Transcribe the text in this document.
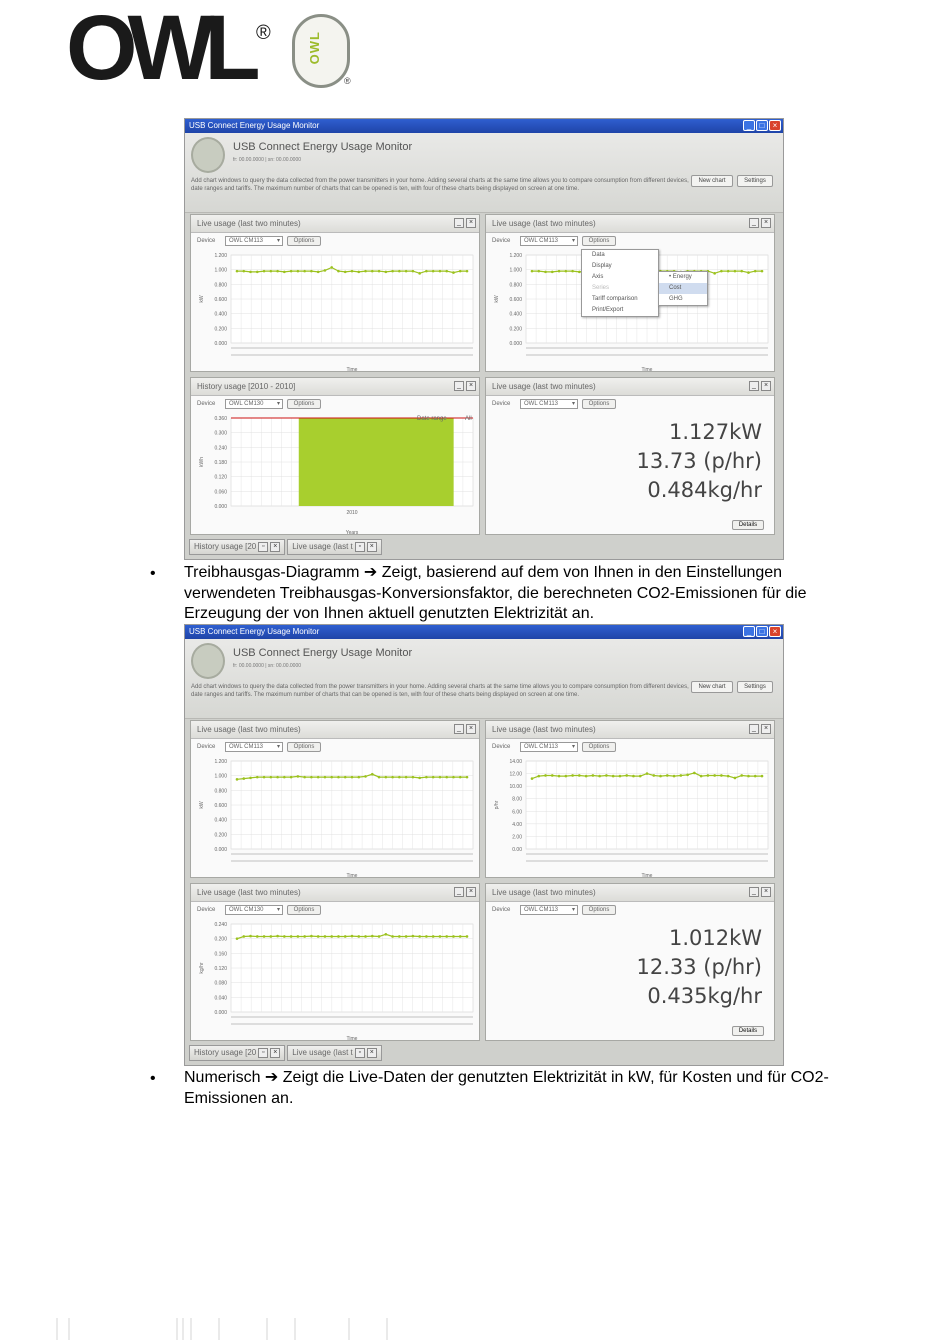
OWL ®	OWL
®
USB Connect Energy Usage Monitor	_	□	×
USB Connect Energy Usage Monitor
fr: 00.00.0000 | sn: 00.00.0000
Add chart windows to query the data collected from the power transmitters in your home. Adding several charts at the same time allows you to compare consumption from different devices, date ranges and tariffs. The maximum number of charts that can be opened is ten, with four of these charts being displayed on screen at one time.
New chart	Settings
Live usage (last two minutes)	_	×
Device	OWL CM113 ▾	Options
1.200
1.000
0.800
0.600
0.400
0.200
0.000
kW
Time
Live usage (last two minutes)	_	×
Device	OWL CM113 ▾	Options
1.200
1.000
0.800
0.600
0.400
0.200
0.000
kW
Time
Data
Display
Axis
Series
Tariff comparison
Print/Export
• Energy
Cost
GHG
History usage [2010 - 2010]	_	×
Device	OWL CM130 ▾	Options
0.360
0.300
0.240
0.180
0.120
0.060
0.000
kWh
Years
2010
Date range	All
Live usage (last two minutes)	_	×
Device	OWL CM113 ▾	Options
1.127kW
13.73 (p/hr)
0.484kg/hr
Details
History usage [20 ▫	×	Live usage (last t ▫	×
• Treibhausgas-Diagramm ➔ Zeigt, basierend auf dem von Ihnen in den Einstellungen verwendeten Treibhausgas-Konversionsfaktor, die berechneten CO2-Emissionen für die Erzeugung der von Ihnen aktuell genutzten Elektrizität an.
USB Connect Energy Usage Monitor	_	□	×
USB Connect Energy Usage Monitor
fr: 00.00.0000 | sn: 00.00.0000
Add chart windows to query the data collected from the power transmitters in your home. Adding several charts at the same time allows you to compare consumption from different devices, date ranges and tariffs. The maximum number of charts that can be opened is ten, with four of these charts being displayed on screen at one time.
New chart	Settings
Live usage (last two minutes)	_	×
Device	OWL CM113 ▾	Options
1.200
1.000
0.800
0.600
0.400
0.200
0.000
kW
Time
Live usage (last two minutes)	_	×
Device	OWL CM113 ▾	Options
14.00
12.00
10.00
8.00
6.00
4.00
2.00
0.00
p/hr
Time
Live usage (last two minutes)	_	×
Device	OWL CM130 ▾	Options
0.240
0.200
0.160
0.120
0.080
0.040
0.000
kg/hr
Time
Live usage (last two minutes)	_	×
Device	OWL CM113 ▾	Options
1.012kW
12.33 (p/hr)
0.435kg/hr
Details
History usage [20 ▫	×	Live usage (last t ▫	×
• Numerisch ➔ Zeigt die Live-Daten der genutzten Elektrizität in kW, für Kosten und für CO2-Emissionen an.
